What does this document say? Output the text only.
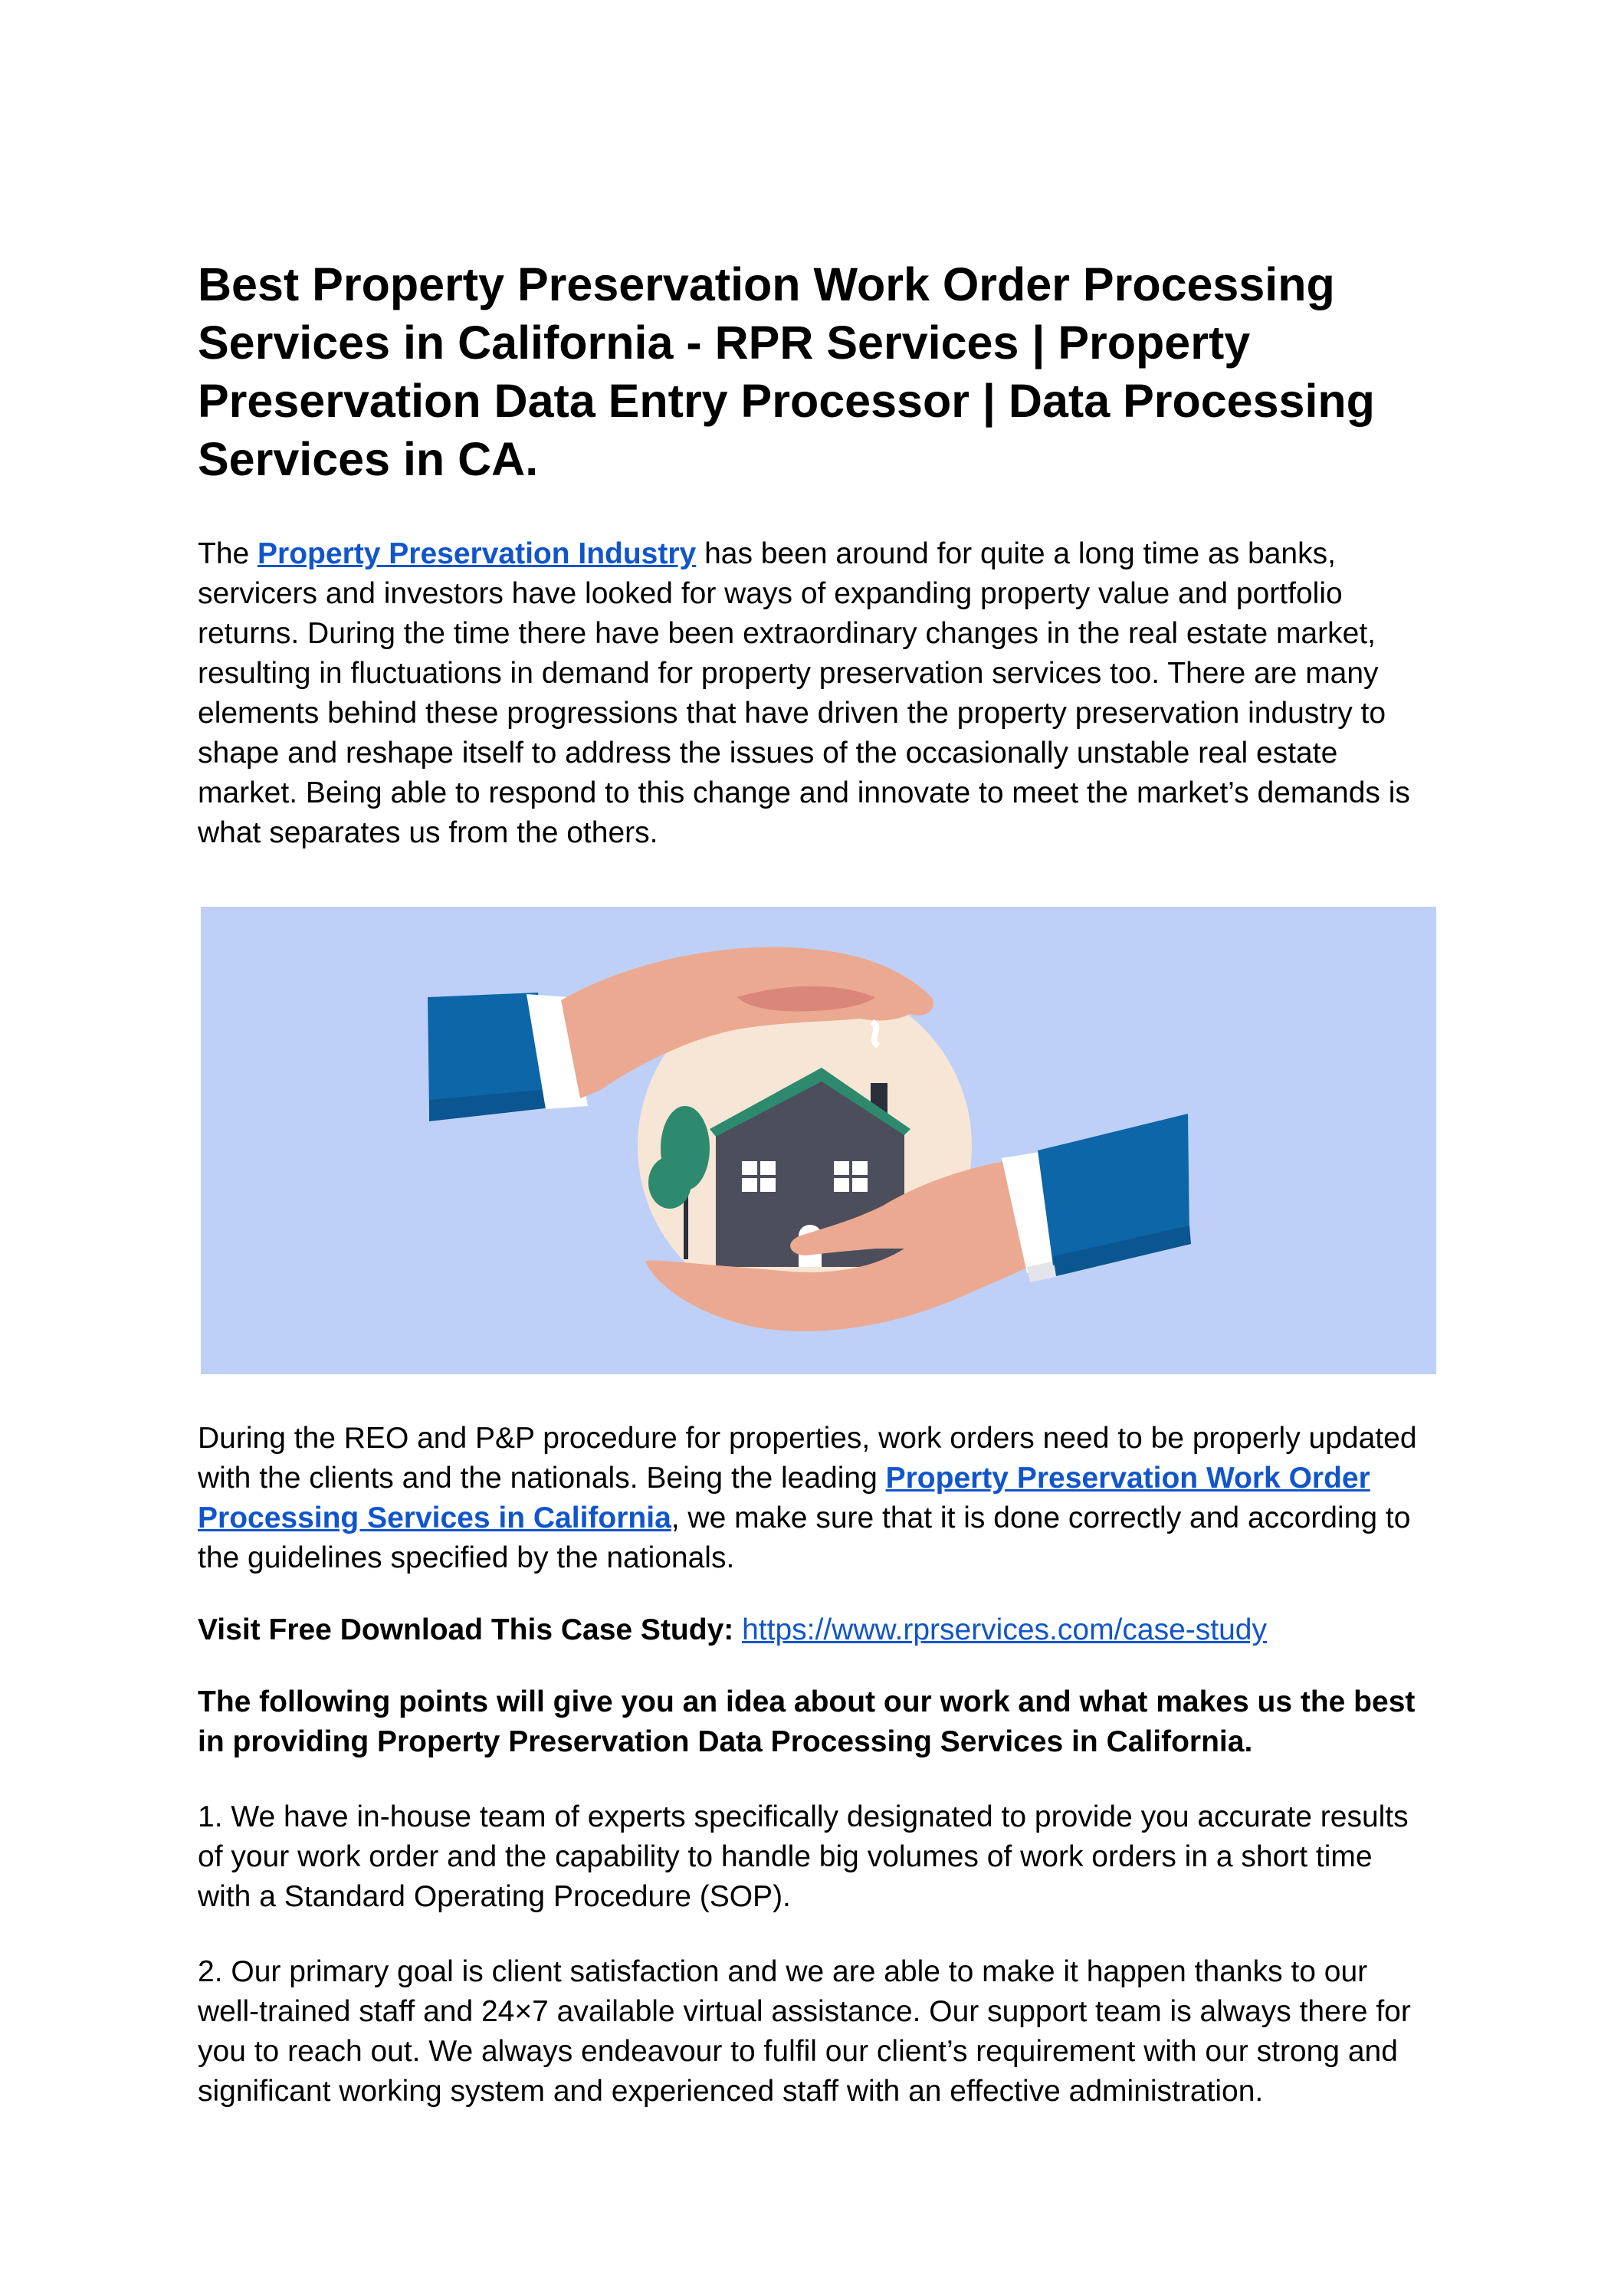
Best Property Preservation Work Order Processing Services in California - RPR Services | Property Preservation Data Entry Processor | Data Processing Services in CA.

The Property Preservation Industry has been around for quite a long time as banks, servicers and investors have looked for ways of expanding property value and portfolio returns. During the time there have been extraordinary changes in the real estate market, resulting in fluctuations in demand for property preservation services too. There are many elements behind these progressions that have driven the property preservation industry to shape and reshape itself to address the issues of the occasionally unstable real estate market. Being able to respond to this change and innovate to meet the market’s demands is what separates us from the others.

During the REO and P&P procedure for properties, work orders need to be properly updated with the clients and the nationals. Being the leading Property Preservation Work Order Processing Services in California, we make sure that it is done correctly and according to the guidelines specified by the nationals.

Visit Free Download This Case Study: https://www.rprservices.com/case-study

The following points will give you an idea about our work and what makes us the best in providing Property Preservation Data Processing Services in California.

1. We have in-house team of experts specifically designated to provide you accurate results of your work order and the capability to handle big volumes of work orders in a short time with a Standard Operating Procedure (SOP).

2. Our primary goal is client satisfaction and we are able to make it happen thanks to our well-trained staff and 24×7 available virtual assistance. Our support team is always there for you to reach out. We always endeavour to fulfil our client’s requirement with our strong and significant working system and experienced staff with an effective administration.
